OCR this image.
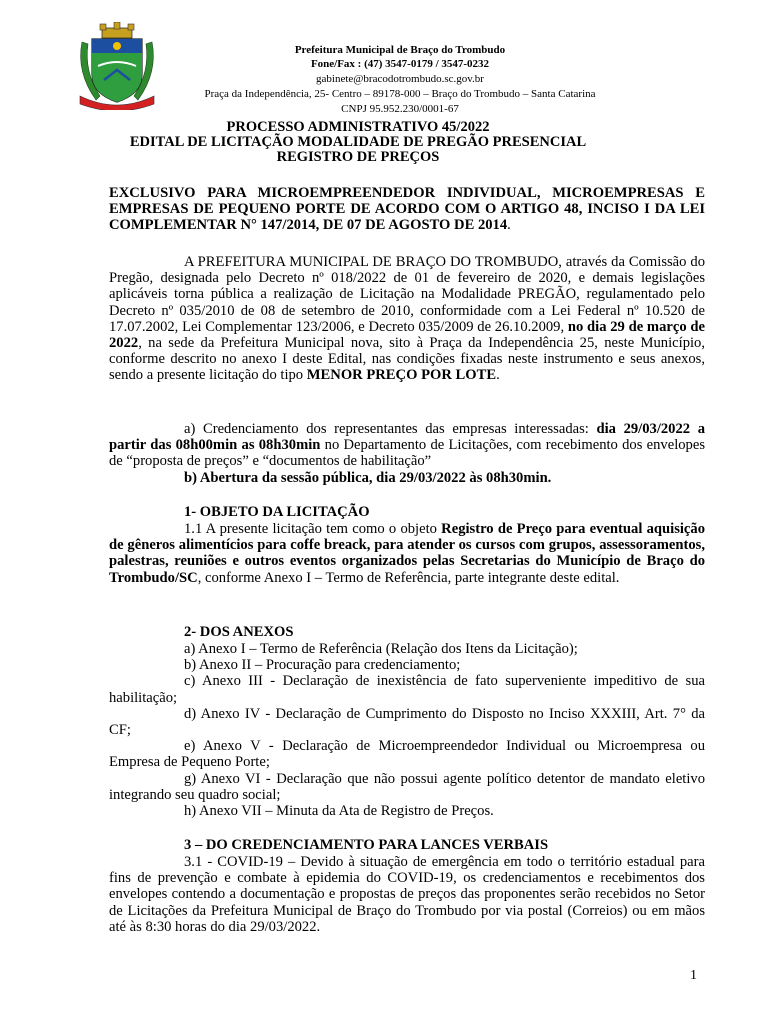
Prefeitura Municipal de Braço do Trombudo
Fone/Fax : (47) 3547-0179 / 3547-0232
gabinete@bracodotrombudo.sc.gov.br
Praça da Independência, 25- Centro – 89178-000 – Braço do Trombudo – Santa Catarina
CNPJ 95.952.230/0001-67
PROCESSO ADMINISTRATIVO 45/2022
EDITAL DE LICITAÇÃO MODALIDADE DE PREGÃO PRESENCIAL
REGISTRO DE PREÇOS
EXCLUSIVO PARA MICROEMPREENDEDOR INDIVIDUAL, MICROEMPRESAS E EMPRESAS DE PEQUENO PORTE DE ACORDO COM O ARTIGO 48, INCISO I DA LEI COMPLEMENTAR N° 147/2014, DE 07 DE AGOSTO DE 2014.
A PREFEITURA MUNICIPAL DE BRAÇO DO TROMBUDO, através da Comissão do Pregão, designada pelo Decreto nº 018/2022 de 01 de fevereiro de 2020, e demais legislações aplicáveis torna pública a realização de Licitação na Modalidade PREGÃO, regulamentado pelo Decreto nº 035/2010 de 08 de setembro de 2010, conformidade com a Lei Federal nº 10.520 de 17.07.2002, Lei Complementar 123/2006, e Decreto 035/2009 de 26.10.2009, no dia 29 de março de 2022, na sede da Prefeitura Municipal nova, sito à Praça da Independência 25, neste Município, conforme descrito no anexo I deste Edital, nas condições fixadas neste instrumento e seus anexos, sendo a presente licitação do tipo MENOR PREÇO POR LOTE.
a) Credenciamento dos representantes das empresas interessadas: dia 29/03/2022 a partir das 08h00min as 08h30min no Departamento de Licitações, com recebimento dos envelopes de “proposta de preços” e “documentos de habilitação”
b) Abertura da sessão pública, dia 29/03/2022 às 08h30min.
1- OBJETO DA LICITAÇÃO
1.1 A presente licitação tem como o objeto Registro de Preço para eventual aquisição de gêneros alimentícios para coffe breack, para atender os cursos com grupos, assessoramentos, palestras, reuniões e outros eventos organizados pelas Secretarias do Município de Braço do Trombudo/SC, conforme Anexo I – Termo de Referência, parte integrante deste edital.
2- DOS ANEXOS

a) Anexo I – Termo de Referência (Relação dos Itens da Licitação);

b) Anexo II – Procuração para credenciamento;

c) Anexo III - Declaração de inexistência de fato superveniente impeditivo de sua habilitação;

d) Anexo IV - Declaração de Cumprimento do Disposto no Inciso XXXIII, Art. 7° da CF;

e) Anexo V - Declaração de Microempreendedor Individual ou Microempresa ou Empresa de Pequeno Porte;

g) Anexo VI - Declaração que não possui agente político detentor de mandato eletivo integrando seu quadro social;

h) Anexo VII – Minuta da Ata de Registro de Preços.

3 – DO CREDENCIAMENTO PARA LANCES VERBAIS
3.1 - COVID-19 – Devido à situação de emergência em todo o território estadual para fins de prevenção e combate à epidemia do COVID-19, os credenciamentos e recebimentos dos envelopes contendo a documentação e propostas de preços das proponentes serão recebidos no Setor de Licitações da Prefeitura Municipal de Braço do Trombudo por via postal (Correios) ou em mãos até às 8:30 horas do dia 29/03/2022.
1
